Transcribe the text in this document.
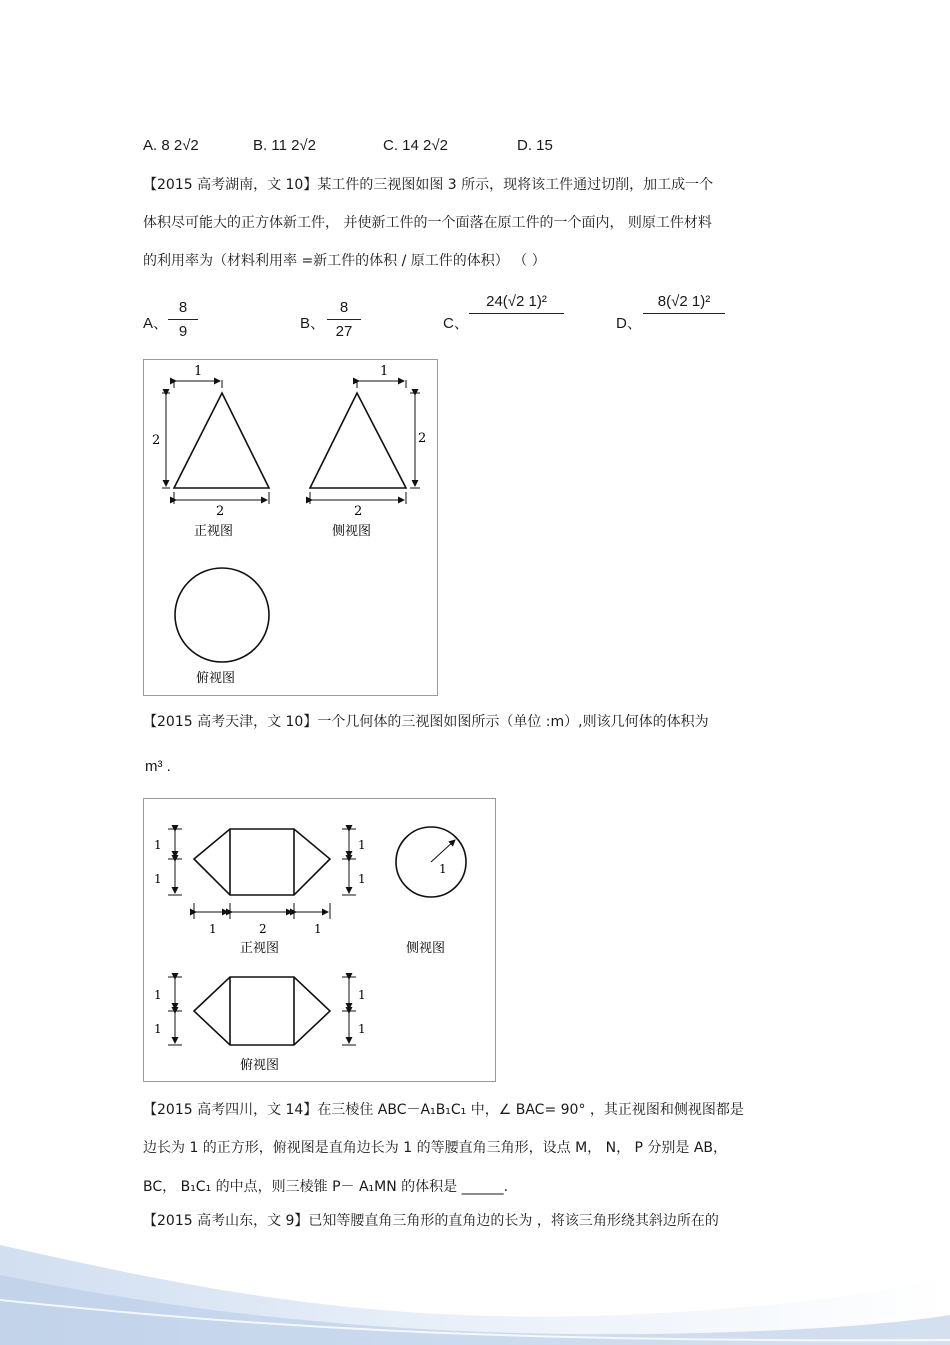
A. 8 2√2	B. 11 2√2	C. 14 2√2	D. 15
【2015 高考湖南，文 10】某工件的三视图如图 3 所示，现将该工件通过切削，加工成一个
体积尽可能大的正方体新工件， 并使新工件的一个面落在原工件的一个面内， 则原工件材料
的利用率为（材料利用率 =新工件的体积 / 原工件的体积） （ ）
A、
8
9	B、
8
27	C、
24(√2 1)²
D、
8(√2 1)²
1
2
2
正视图
1
2
2
侧视图
俯视图
【2015 高考天津，文 10】一个几何体的三视图如图所示（单位 :m）,则该几何体的体积为
m³ .
1
1
1
1
1	2	1
正视图
1
侧视图
1
1
1
1
俯视图
【2015 高考四川，文 14】在三棱住 ABC－A₁B₁C₁ 中，∠ BAC= 90° ，其正视图和侧视图都是
边长为 1 的正方形，俯视图是直角边长为 1 的等腰直角三角形，设点 M， N， P 分别是 AB，
BC， B₁C₁ 的中点，则三棱锥 P－ A₁MN 的体积是 ______.
【2015 高考山东，文 9】已知等腰直角三角形的直角边的长为 ，将该三角形绕其斜边所在的
